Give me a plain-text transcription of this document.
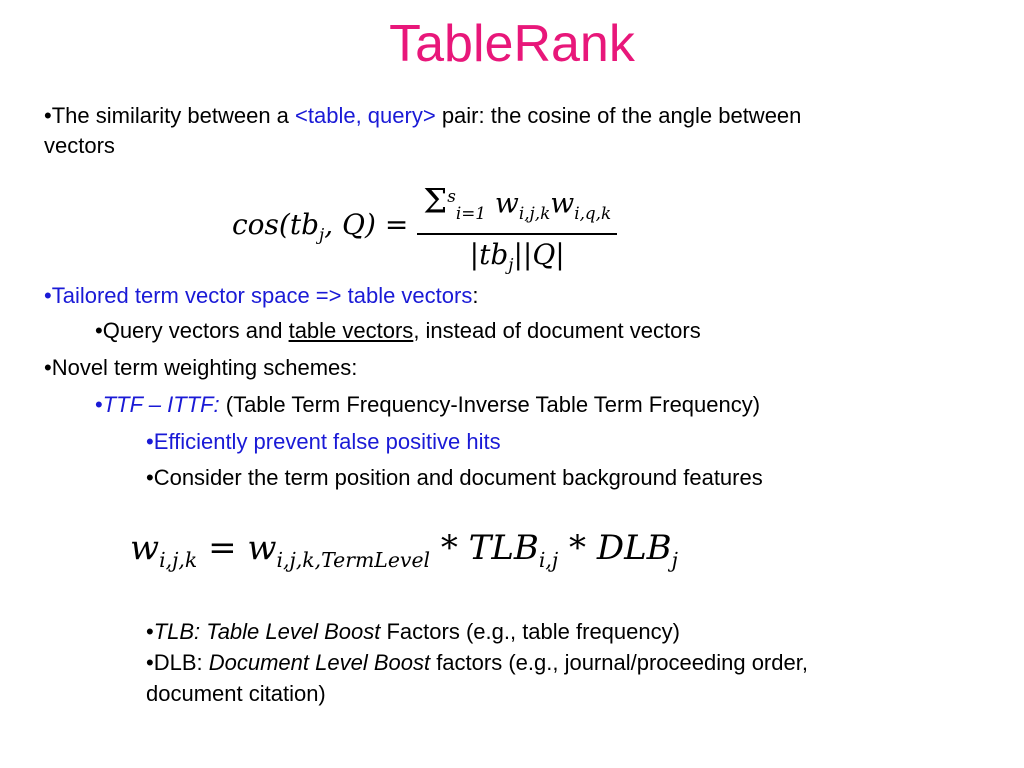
TableRank
•The similarity between a <table, query> pair: the cosine of the angle between
vectors
$\cos(tb_j$, $Q) = \frac{\Sigma^s_{i=1} w_{i,j,k}w_{i,q,k}}{|tb_j||Q|}$
•Tailored term vector space => table vectors:
•Query vectors and table vectors, instead of document vectors
•Novel term weighting schemes:
•TTF – ITTF: (Table Term Frequency-Inverse Table Term Frequency)
•Efficiently prevent false positive hits
•Consider the term position and document background features
$w_{i,j,k} = w_{i,j,k,TermLevel} * TLB_{i,j} * DLB_j$
•TLB: Table Level Boost Factors (e.g., table frequency)
•DLB: Document Level Boost factors (e.g., journal/proceeding order,
document citation)
